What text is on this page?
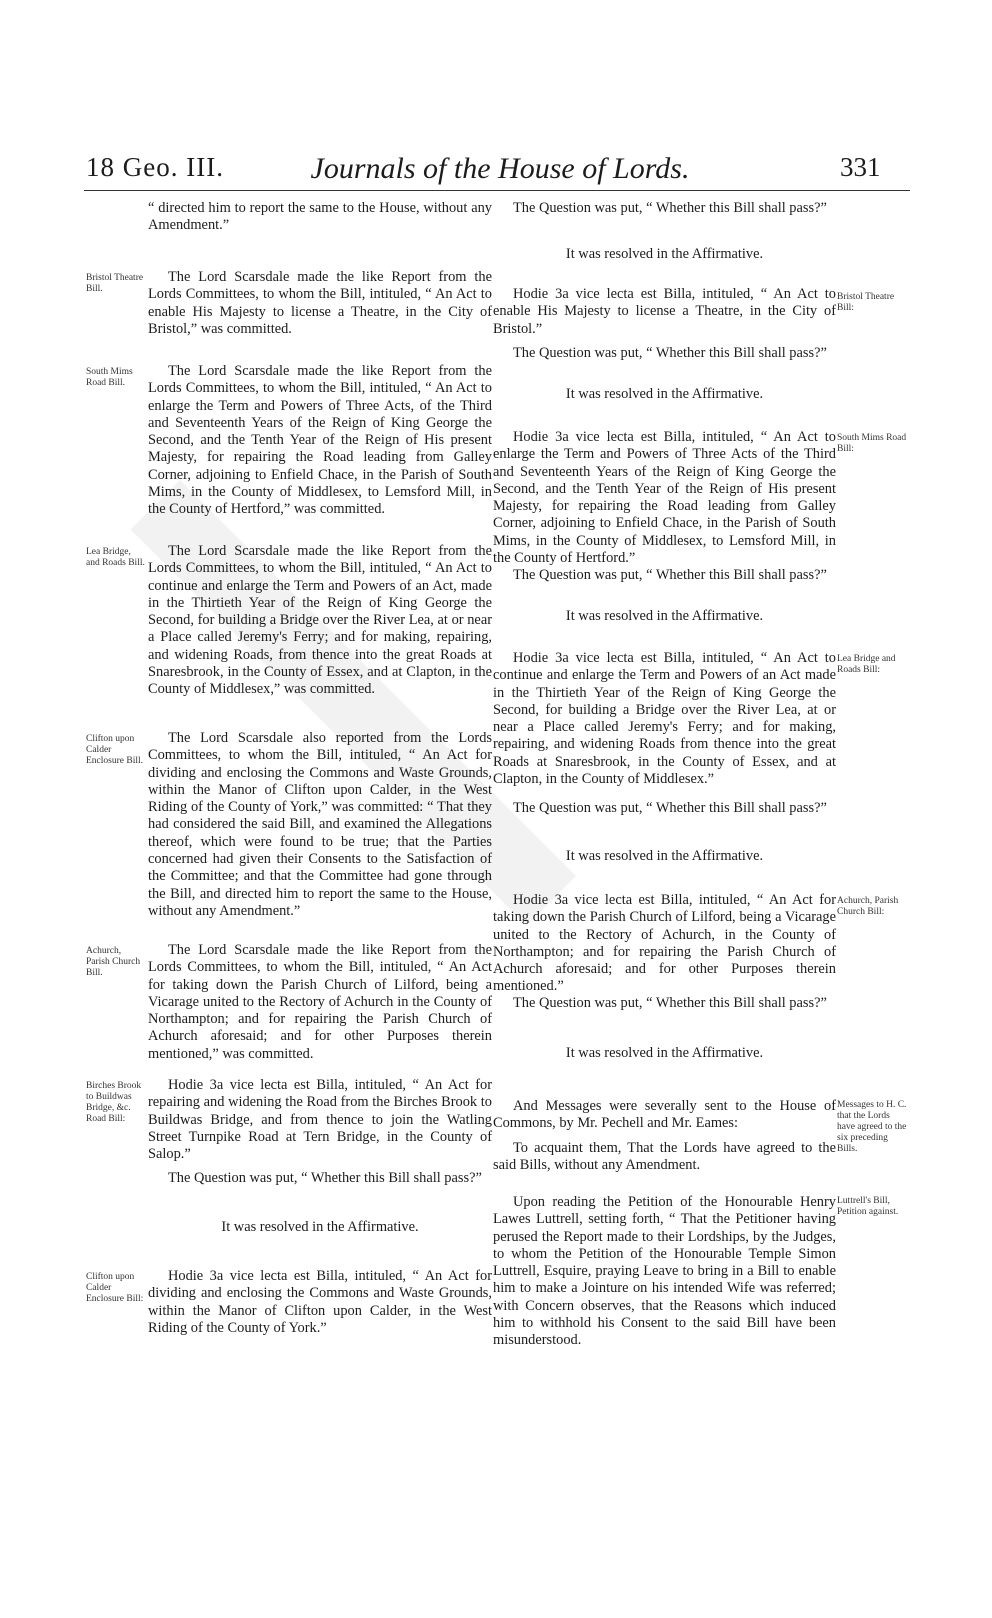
18 Geo. III.	Journals of the House of Lords.	331

“ directed him to report the same to the House, without any Amendment.”

The Lord Scarsdale made the like Report from the Lords Committees, to whom the Bill, intituled, “ An Act to enable His Majesty to license a Theatre, in the City of Bristol,” was committed.

The Lord Scarsdale made the like Report from the Lords Committees, to whom the Bill, intituled, “ An Act to enlarge the Term and Powers of Three Acts, of the Third and Seventeenth Years of the Reign of King George the Second, and the Tenth Year of the Reign of His present Majesty, for repairing the Road leading from Galley Corner, adjoining to Enfield Chace, in the Parish of South Mims, in the County of Middlesex, to Lemsford Mill, in the County of Hertford,” was committed.

The Lord Scarsdale made the like Report from the Lords Committees, to whom the Bill, intituled, “ An Act to continue and enlarge the Term and Powers of an Act, made in the Thirtieth Year of the Reign of King George the Second, for building a Bridge over the River Lea, at or near a Place called Jeremy's Ferry; and for making, repairing, and widening Roads, from thence into the great Roads at Snaresbrook, in the County of Essex, and at Clapton, in the County of Middlesex,” was committed.

The Lord Scarsdale also reported from the Lords Committees, to whom the Bill, intituled, “ An Act for dividing and enclosing the Commons and Waste Grounds, within the Manor of Clifton upon Calder, in the West Riding of the County of York,” was committed: “ That they had considered the said Bill, and examined the Allegations thereof, which were found to be true; that the Parties concerned had given their Consents to the Satisfaction of the Committee; and that the Committee had gone through the Bill, and directed him to report the same to the House, without any Amendment.”

The Lord Scarsdale made the like Report from the Lords Committees, to whom the Bill, intituled, “ An Act for taking down the Parish Church of Lilford, being a Vicarage united to the Rectory of Achurch in the County of Northampton; and for repairing the Parish Church of Achurch aforesaid; and for other Purposes therein mentioned,” was committed.

Hodie 3a vice lecta est Billa, intituled, “ An Act for repairing and widening the Road from the Birches Brook to Buildwas Bridge, and from thence to join the Watling Street Turnpike Road at Tern Bridge, in the County of Salop.”

The Question was put, “ Whether this Bill shall pass?”

It was resolved in the Affirmative.

Hodie 3a vice lecta est Billa, intituled, “ An Act for dividing and enclosing the Commons and Waste Grounds, within the Manor of Clifton upon Calder, in the West Riding of the County of York.”

The Question was put, “ Whether this Bill shall pass?”

It was resolved in the Affirmative.

Hodie 3a vice lecta est Billa, intituled, “ An Act to enable His Majesty to license a Theatre, in the City of Bristol.”

The Question was put, “ Whether this Bill shall pass?”

It was resolved in the Affirmative.

Hodie 3a vice lecta est Billa, intituled, “ An Act to enlarge the Term and Powers of Three Acts of the Third and Seventeenth Years of the Reign of King George the Second, and the Tenth Year of the Reign of His present Majesty, for repairing the Road leading from Galley Corner, adjoining to Enfield Chace, in the Parish of South Mims, in the County of Middlesex, to Lemsford Mill, in the County of Hertford.”

The Question was put, “ Whether this Bill shall pass?”

It was resolved in the Affirmative.

Hodie 3a vice lecta est Billa, intituled, “ An Act to continue and enlarge the Term and Powers of an Act made in the Thirtieth Year of the Reign of King George the Second, for building a Bridge over the River Lea, at or near a Place called Jeremy's Ferry; and for making, repairing, and widening Roads from thence into the great Roads at Snaresbrook, in the County of Essex, and at Clapton, in the County of Middlesex.”

The Question was put, “ Whether this Bill shall pass?”

It was resolved in the Affirmative.

Hodie 3a vice lecta est Billa, intituled, “ An Act for taking down the Parish Church of Lilford, being a Vicarage united to the Rectory of Achurch, in the County of Northampton; and for repairing the Parish Church of Achurch aforesaid; and for other Purposes therein mentioned.”

The Question was put, “ Whether this Bill shall pass?”

It was resolved in the Affirmative.

And Messages were severally sent to the House of Commons, by Mr. Pechell and Mr. Eames:

To acquaint them, That the Lords have agreed to the said Bills, without any Amendment.

Upon reading the Petition of the Honourable Henry Lawes Luttrell, setting forth, “ That the Petitioner having perused the Report made to their Lordships, by the Judges, to whom the Petition of the Honourable Temple Simon Luttrell, Esquire, praying Leave to bring in a Bill to enable him to make a Jointure on his intended Wife was referred; with Concern observes, that the Reasons which induced him to withhold his Consent to the said Bill have been misunderstood.

Bristol Theatre Bill.
South Mims Road Bill.
Lea Bridge, and Roads Bill.
Clifton upon Calder Enclosure Bill.
Achurch, Parish Church Bill.
Birches Brook to Buildwas Bridge, &c. Road Bill:
Clifton upon Calder Enclosure Bill:
Bristol Theatre Bill:
South Mims Road Bill:
Lea Bridge and Roads Bill:
Achurch, Parish Church Bill:
Messages to H. C. that the Lords have agreed to the six preceding Bills.
Luttrell's Bill, Petition against.
